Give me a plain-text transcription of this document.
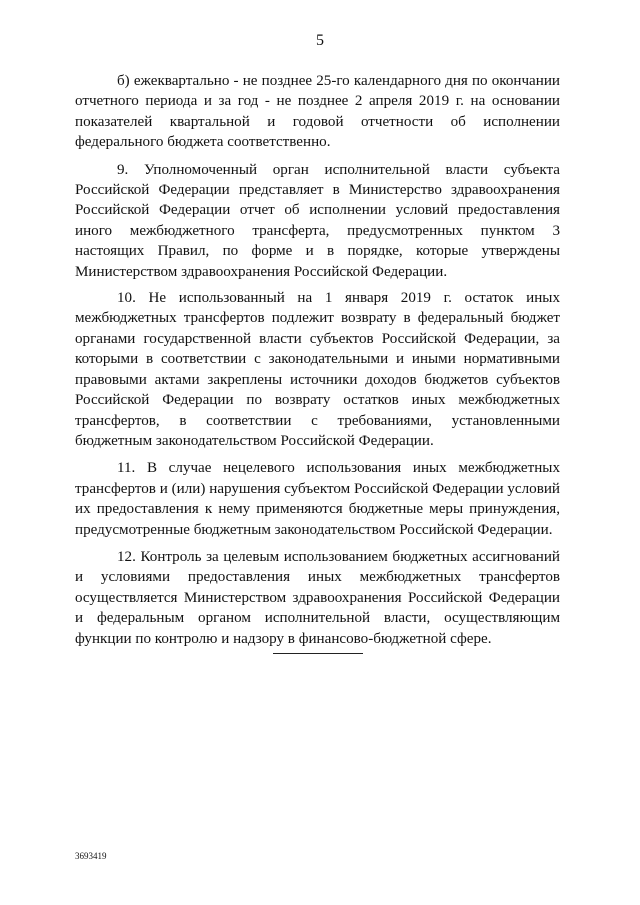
5

б) ежеквартально - не позднее 25-го календарного дня по окончании отчетного периода и за год - не позднее 2 апреля 2019 г. на основании показателей квартальной и годовой отчетности об исполнении федерального бюджета соответственно.

9. Уполномоченный орган исполнительной власти субъекта Российской Федерации представляет в Министерство здравоохранения Российской Федерации отчет об исполнении условий предоставления иного межбюджетного трансферта, предусмотренных пунктом 3 настоящих Правил, по форме и в порядке, которые утверждены Министерством здравоохранения Российской Федерации.

10. Не использованный на 1 января 2019 г. остаток иных межбюджетных трансфертов подлежит возврату в федеральный бюджет органами государственной власти субъектов Российской Федерации, за которыми в соответствии с законодательными и иными нормативными правовыми актами закреплены источники доходов бюджетов субъектов Российской Федерации по возврату остатков иных межбюджетных трансфертов, в соответствии с требованиями, установленными бюджетным законодательством Российской Федерации.

11. В случае нецелевого использования иных межбюджетных трансфертов и (или) нарушения субъектом Российской Федерации условий их предоставления к нему применяются бюджетные меры принуждения, предусмотренные бюджетным законодательством Российской Федерации.

12. Контроль за целевым использованием бюджетных ассигнований и условиями предоставления иных межбюджетных трансфертов осуществляется Министерством здравоохранения Российской Федерации и федеральным органом исполнительной власти, осуществляющим функции по контролю и надзору в финансово-бюджетной сфере.

3693419
